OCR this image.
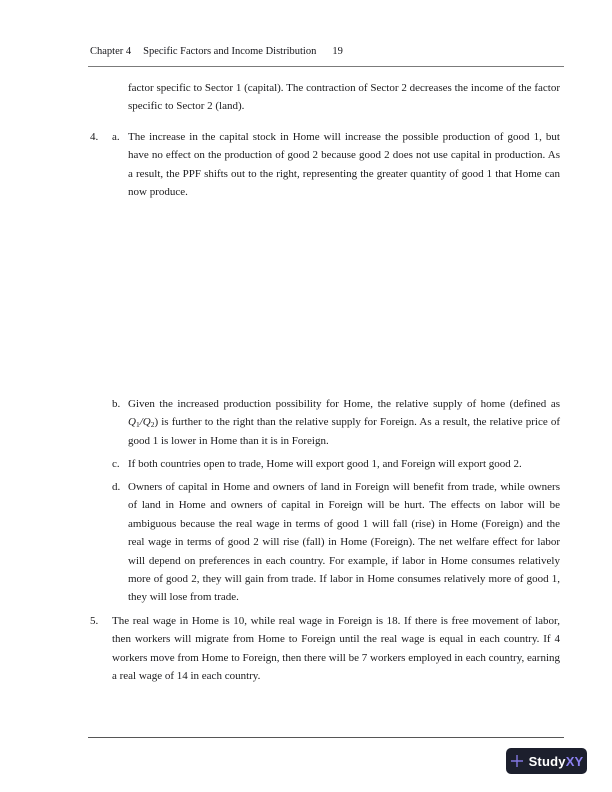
Chapter 4 Specific Factors and Income Distribution 19
factor specific to Sector 1 (capital). The contraction of Sector 2 decreases the income of the factor specific to Sector 2 (land).
4. a. The increase in the capital stock in Home will increase the possible production of good 1, but have no effect on the production of good 2 because good 2 does not use capital in production. As a result, the PPF shifts out to the right, representing the greater quantity of good 1 that Home can now produce.
b. Given the increased production possibility for Home, the relative supply of home (defined as $Q_1/Q_2$) is further to the right than the relative supply for Foreign. As a result, the relative price of good 1 is lower in Home than it is in Foreign.
c. If both countries open to trade, Home will export good 1, and Foreign will export good 2.
d. Owners of capital in Home and owners of land in Foreign will benefit from trade, while owners of land in Home and owners of capital in Foreign will be hurt. The effects on labor will be ambiguous because the real wage in terms of good 1 will fall (rise) in Home (Foreign) and the real wage in terms of good 2 will rise (fall) in Home (Foreign). The net welfare effect for labor will depend on preferences in each country. For example, if labor in Home consumes relatively more of good 2, they will gain from trade. If labor in Home consumes relatively more of good 1, they will lose from trade.
5. The real wage in Home is 10, while real wage in Foreign is 18. If there is free movement of labor, then workers will migrate from Home to Foreign until the real wage is equal in each country. If 4 workers move from Home to Foreign, then there will be 7 workers employed in each country, earning a real wage of 14 in each country.
StudyXY
